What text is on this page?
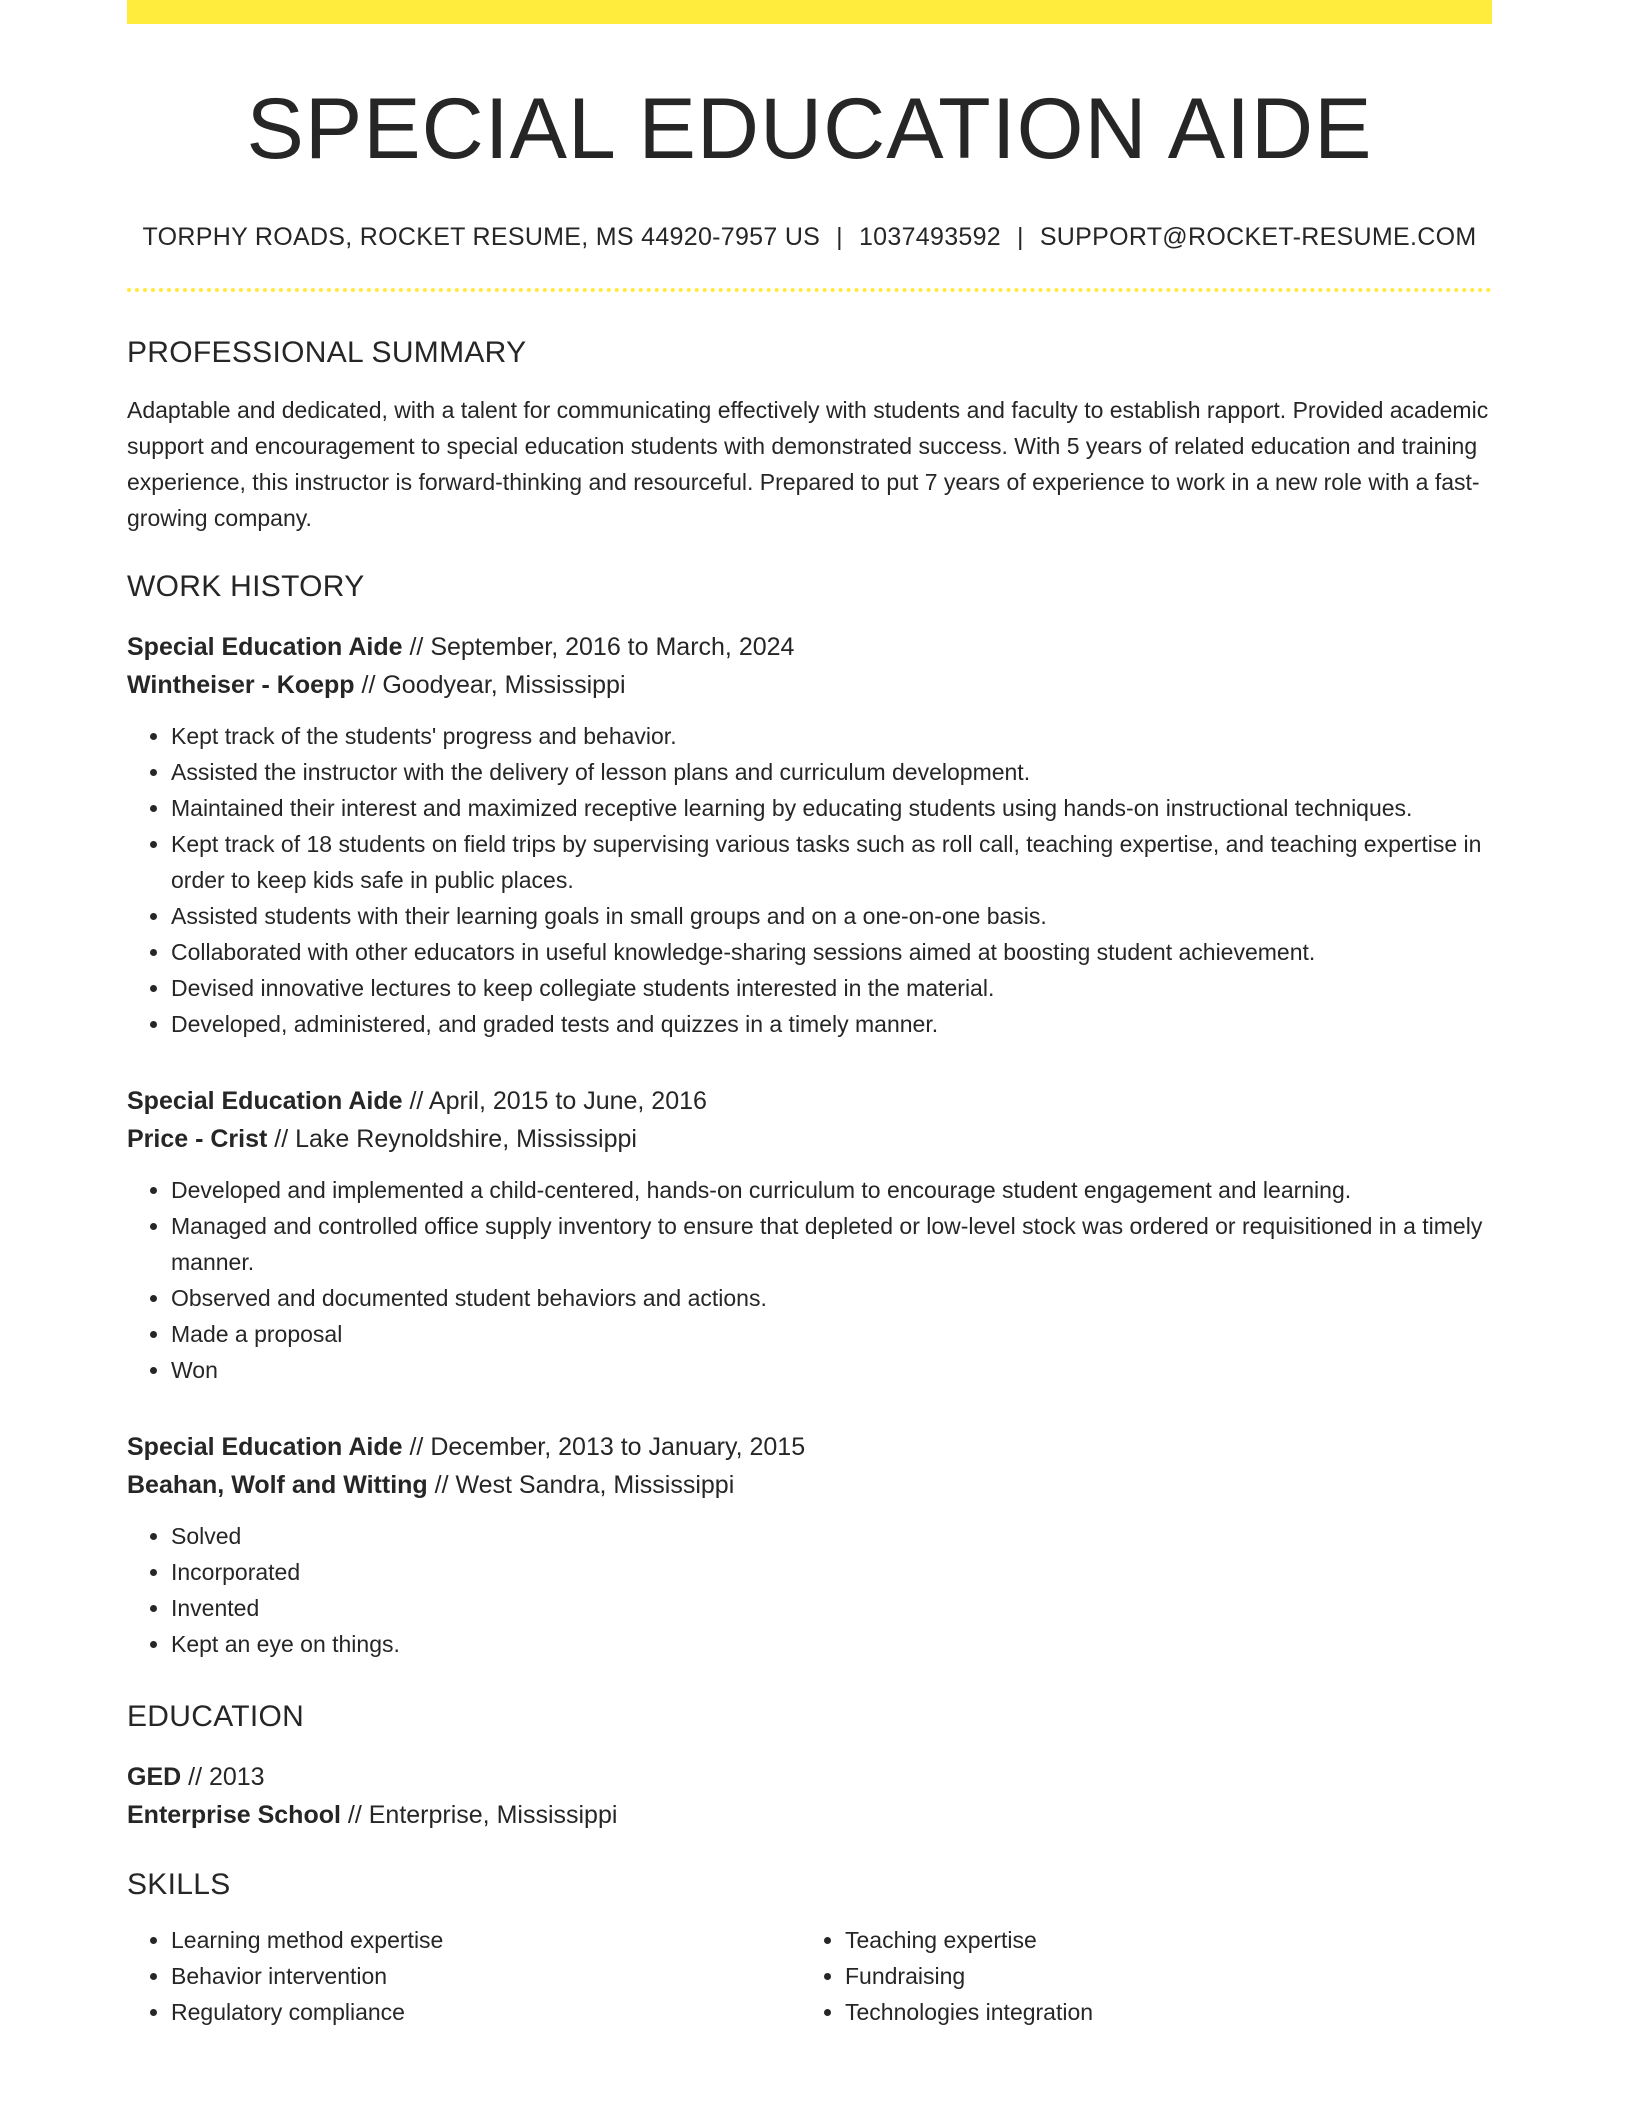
SPECIAL EDUCATION AIDE
TORPHY ROADS, ROCKET RESUME, MS 44920-7957 US | 1037493592 | SUPPORT@ROCKET-RESUME.COM
PROFESSIONAL SUMMARY
Adaptable and dedicated, with a talent for communicating effectively with students and faculty to establish rapport. Provided academic support and encouragement to special education students with demonstrated success. With 5 years of related education and training experience, this instructor is forward-thinking and resourceful. Prepared to put 7 years of experience to work in a new role with a fast-growing company.
WORK HISTORY
Special Education Aide // September, 2016 to March, 2024
Wintheiser - Koepp // Goodyear, Mississippi
• Kept track of the students' progress and behavior.
• Assisted the instructor with the delivery of lesson plans and curriculum development.
• Maintained their interest and maximized receptive learning by educating students using hands-on instructional techniques.
• Kept track of 18 students on field trips by supervising various tasks such as roll call, teaching expertise, and teaching expertise in order to keep kids safe in public places.
• Assisted students with their learning goals in small groups and on a one-on-one basis.
• Collaborated with other educators in useful knowledge-sharing sessions aimed at boosting student achievement.
• Devised innovative lectures to keep collegiate students interested in the material.
• Developed, administered, and graded tests and quizzes in a timely manner.
Special Education Aide // April, 2015 to June, 2016
Price - Crist // Lake Reynoldshire, Mississippi
• Developed and implemented a child-centered, hands-on curriculum to encourage student engagement and learning.
• Managed and controlled office supply inventory to ensure that depleted or low-level stock was ordered or requisitioned in a timely manner.
• Observed and documented student behaviors and actions.
• Made a proposal
• Won
Special Education Aide // December, 2013 to January, 2015
Beahan, Wolf and Witting // West Sandra, Mississippi
• Solved
• Incorporated
• Invented
• Kept an eye on things.
EDUCATION
GED // 2013
Enterprise School // Enterprise, Mississippi
SKILLS
• Learning method expertise
• Behavior intervention
• Regulatory compliance
• Teaching expertise
• Fundraising
• Technologies integration
